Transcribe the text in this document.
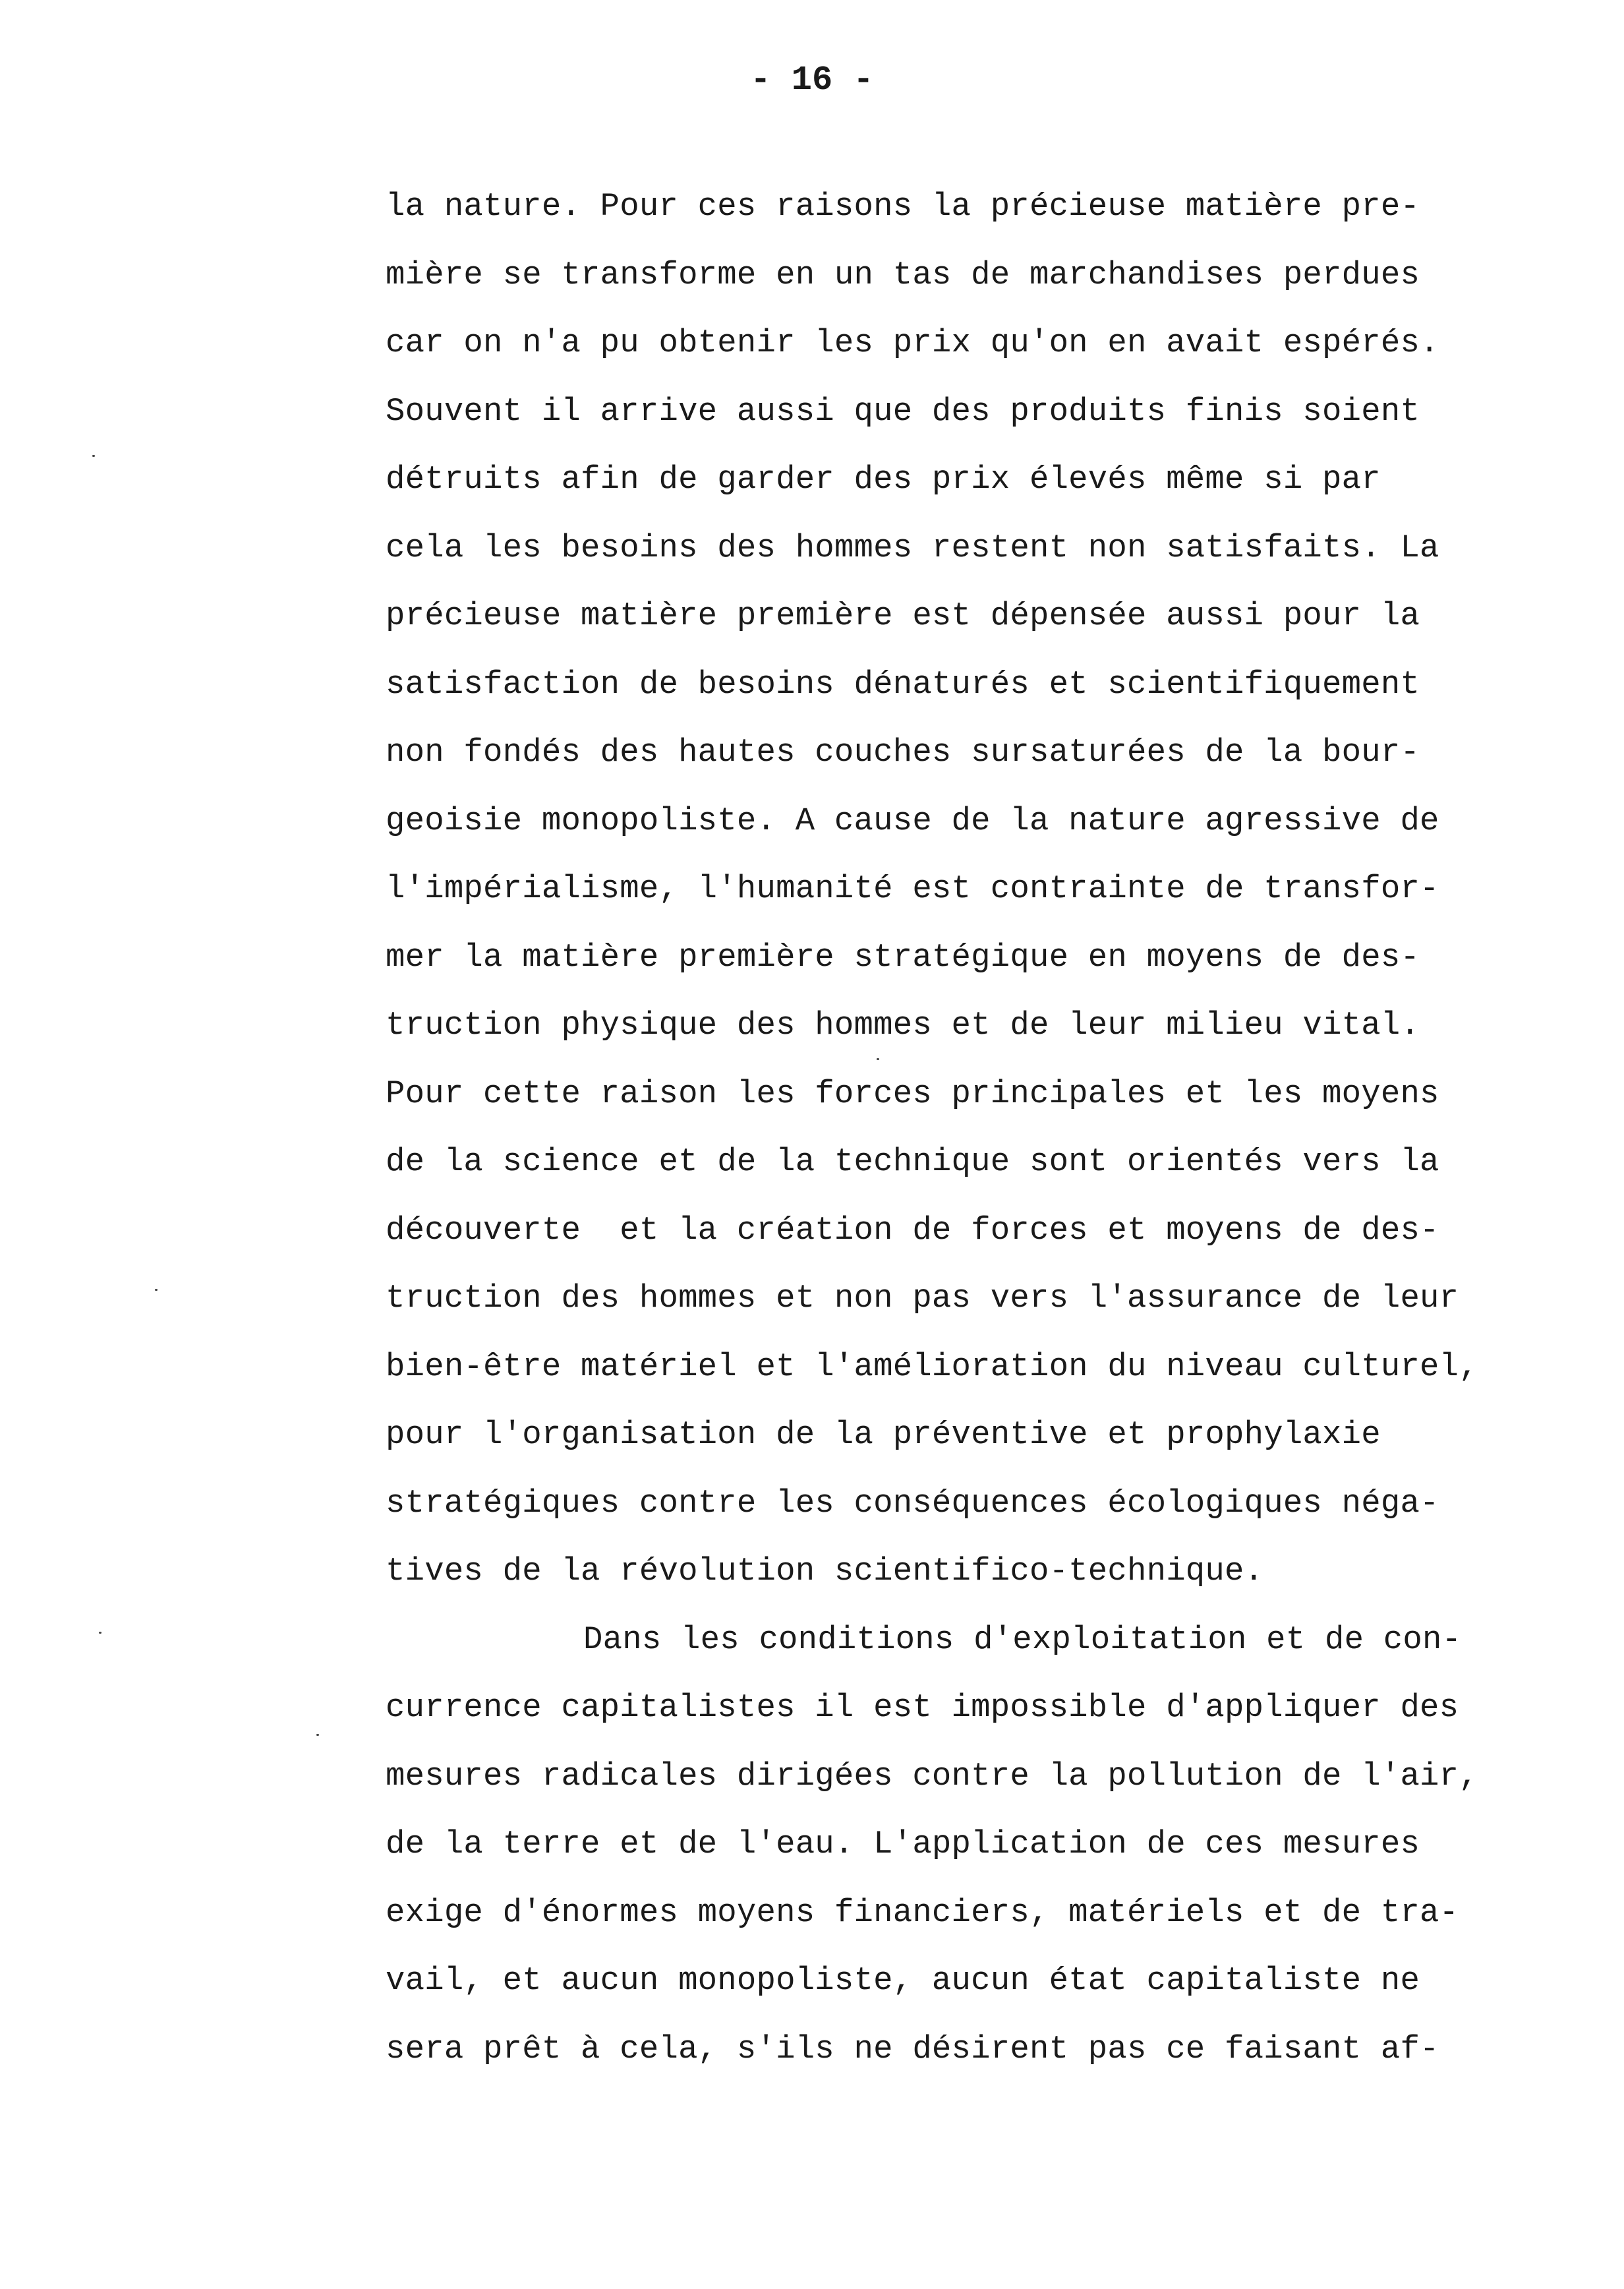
- 16 -
la nature. Pour ces raisons la précieuse matière pre-
mière se transforme en un tas de marchandises perdues
car on n'a pu obtenir les prix qu'on en avait espérés.
Souvent il arrive aussi que des produits finis soient
détruits afin de garder des prix élevés même si par
cela les besoins des hommes restent non satisfaits. La
précieuse matière première est dépensée aussi pour la
satisfaction de besoins dénaturés et scientifiquement
non fondés des hautes couches sursaturées de la bour-
geoisie monopoliste. A cause de la nature agressive de
l'impérialisme, l'humanité est contrainte de transfor-
mer la matière première stratégique en moyens de des-
truction physique des hommes et de leur milieu vital.
Pour cette raison les forces principales et les moyens
de la science et de la technique sont orientés vers la
découverte  et la création de forces et moyens de des-
truction des hommes et non pas vers l'assurance de leur
bien-être matériel et l'amélioration du niveau culturel,
pour l'organisation de la préventive et prophylaxie
stratégiques contre les conséquences écologiques néga-
tives de la révolution scientifico-technique.
Dans les conditions d'exploitation et de con-
currence capitalistes il est impossible d'appliquer des
mesures radicales dirigées contre la pollution de l'air,
de la terre et de l'eau. L'application de ces mesures
exige d'énormes moyens financiers, matériels et de tra-
vail, et aucun monopoliste, aucun état capitaliste ne
sera prêt à cela, s'ils ne désirent pas ce faisant af-
